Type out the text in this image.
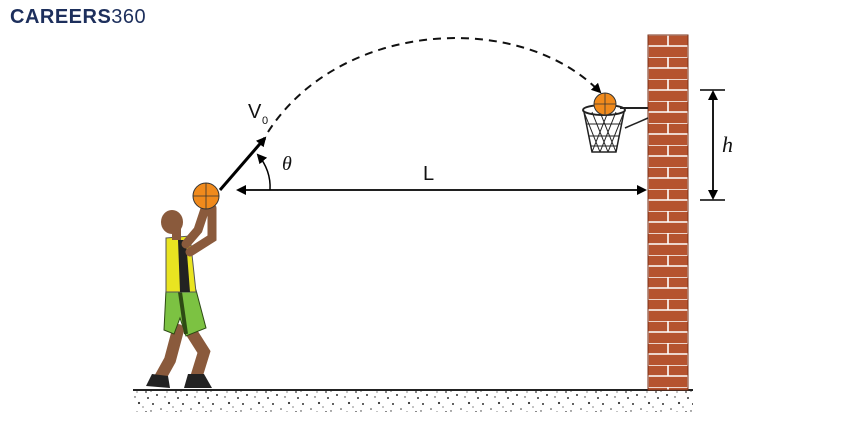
CAREERS360
V 0
θ	L
h
